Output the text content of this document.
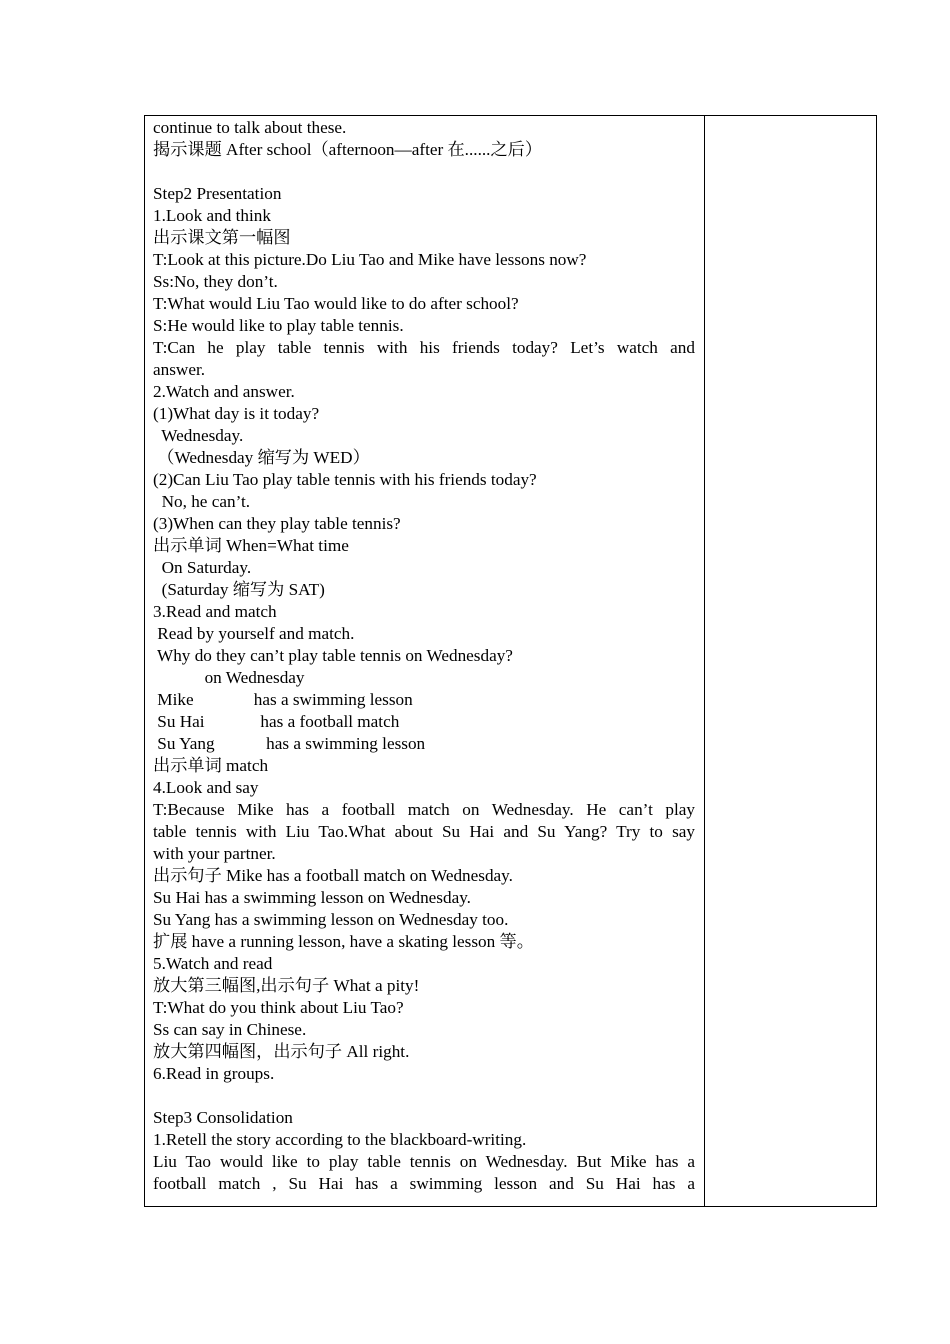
continue to talk about these.
揭示课题 After school（afternoon—after 在......之后）
Step2 Presentation
1.Look and think
出示课文第一幅图
T:Look at this picture.Do Liu Tao and Mike have lessons now?
Ss:No, they don’t.
T:What would Liu Tao would like to do after school?
S:He would like to play table tennis.
T:Can he play table tennis with his friends today? Let’s watch and
answer.
2.Watch and answer.
(1)What day is it today?
Wednesday.
（Wednesday 缩写为 WED）
(2)Can Liu Tao play table tennis with his friends today?
No, he can’t.
(3)When can they play table tennis?
出示单词 When=What time
On Saturday.
(Saturday 缩写为 SAT)
3.Read and match
Read by yourself and match.
Why do they can’t play table tennis on Wednesday?
on Wednesday
Mike              has a swimming lesson
Su Hai             has a football match
Su Yang            has a swimming lesson
出示单词 match
4.Look and say
T:Because Mike has a football match on Wednesday. He can’t play
table tennis with Liu Tao.What about Su Hai and Su Yang? Try to say
with your partner.
出示句子 Mike has a football match on Wednesday.
Su Hai has a swimming lesson on Wednesday.
Su Yang has a swimming lesson on Wednesday too.
扩展 have a running lesson, have a skating lesson 等。
5.Watch and read
放大第三幅图,出示句子 What a pity!
T:What do you think about Liu Tao?
Ss can say in Chinese.
放大第四幅图，出示句子 All right.
6.Read in groups.
Step3 Consolidation
1.Retell the story according to the blackboard-writing.
Liu Tao would like to play table tennis on Wednesday. But Mike has a
football match , Su Hai has a swimming lesson and Su Hai has a
